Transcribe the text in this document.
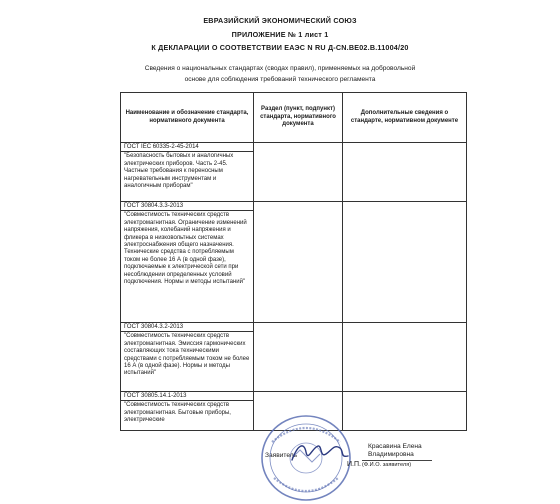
ЕВРАЗИЙСКИЙ ЭКОНОМИЧЕСКИЙ СОЮЗ
ПРИЛОЖЕНИЕ № 1 лист 1
К ДЕКЛАРАЦИИ О СООТВЕТСТВИИ ЕАЭС N RU Д-CN.ВЕ02.В.11004/20
Сведения о национальных стандартах (сводах правил), применяемых на добровольной
основе для соблюдения требований технического регламента
Наименование и обозначение стандарта, нормативного документа	Раздел (пункт, подпункт) стандарта, нормативного документа	Дополнительные сведения о стандарте, нормативном документе

ГОСТ IEC 60335-2-45-2014
"Безопасность бытовых и аналогичных электрических приборов. Часть 2-45. Частные требования к переносным нагревательным инструментам и аналогичным приборам"		

ГОСТ 30804.3.3-2013
"Совместимость технических средств электромагнитная. Ограничение изменений напряжения, колебаний напряжения и фликера в низковольтных системах электроснабжения общего назначения. Технические средства с потребляемым током не более 16 А (в одной фазе), подключаемые к электрической сети при несоблюдении определенных условий подключения. Нормы и методы испытаний"		

ГОСТ 30804.3.2-2013
"Совместимость технических средств электромагнитная. Эмиссия гармонических составляющих тока техническими средствами с потребляемым током не более 16 А (в одной фазе). Нормы и методы испытаний"		

ГОСТ 30805.14.1-2013
"Совместимость технических средств электромагнитная. Бытовые приборы, электрические		

Заявитель
И.П.
Красавина Елена
Владимировна
(Ф.И.О. заявителя)
